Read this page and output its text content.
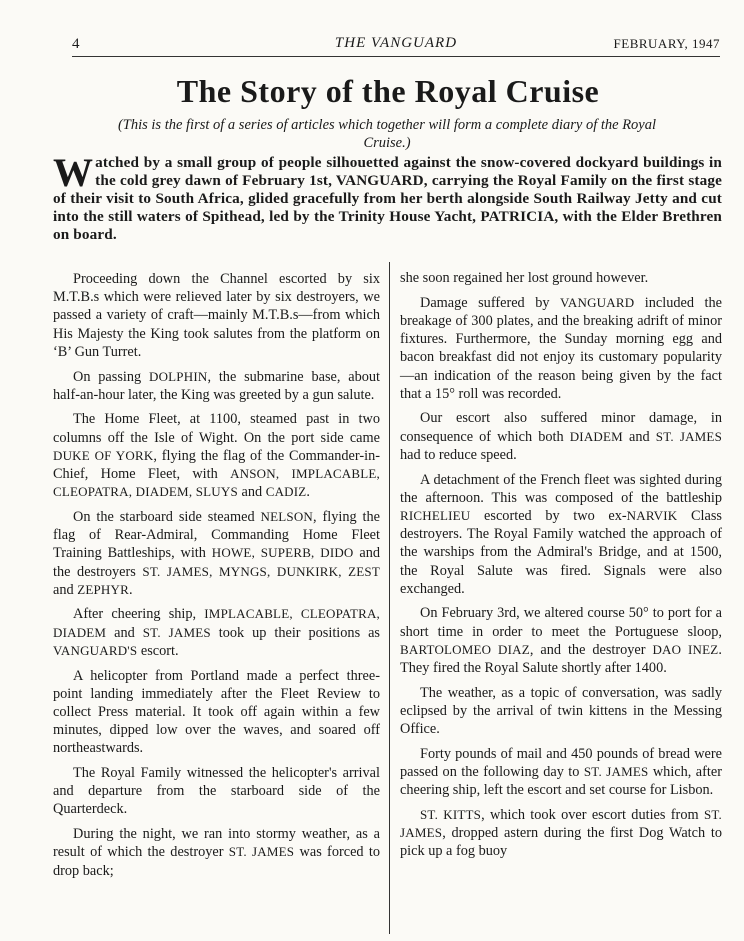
4	THE VANGUARD	FEBRUARY, 1947
The Story of the Royal Cruise
(This is the first of a series of articles which together will form a complete diary of the Royal Cruise.)
Watched by a small group of people silhouetted against the snow-covered dockyard buildings in the cold grey dawn of February 1st, VANGUARD, carrying the Royal Family on the first stage of their visit to South Africa, glided gracefully from her berth alongside South Railway Jetty and cut into the still waters of Spithead, led by the Trinity House Yacht, PATRICIA, with the Elder Brethren on board.

Proceeding down the Channel escorted by six M.T.B.s which were relieved later by six destroyers, we passed a variety of craft—mainly M.T.B.s—from which His Majesty the King took salutes from the platform on ‘B’ Gun Turret.

On passing DOLPHIN, the submarine base, about half-an-hour later, the King was greeted by a gun salute.

The Home Fleet, at 1100, steamed past in two columns off the Isle of Wight. On the port side came DUKE OF YORK, flying the flag of the Commander-in-Chief, Home Fleet, with ANSON, IMPLACABLE, CLEOPATRA, DIADEM, SLUYS and CADIZ.

On the starboard side steamed NELSON, flying the flag of Rear-Admiral, Commanding Home Fleet Training Battleships, with HOWE, SUPERB, DIDO and the destroyers ST. JAMES, MYNGS, DUNKIRK, ZEST and ZEPHYR.

After cheering ship, IMPLACABLE, CLEOPATRA, DIADEM and ST. JAMES took up their positions as VANGUARD'S escort.

A helicopter from Portland made a perfect three-point landing immediately after the Fleet Review to collect Press material. It took off again within a few minutes, dipped low over the waves, and soared off northeastwards.

The Royal Family witnessed the helicopter's arrival and departure from the starboard side of the Quarterdeck.

During the night, we ran into stormy weather, as a result of which the destroyer ST. JAMES was forced to drop back;

she soon regained her lost ground however.

Damage suffered by VANGUARD included the breakage of 300 plates, and the breaking adrift of minor fixtures. Furthermore, the Sunday morning egg and bacon breakfast did not enjoy its customary popularity—an indication of the reason being given by the fact that a 15° roll was recorded.

Our escort also suffered minor damage, in consequence of which both DIADEM and ST. JAMES had to reduce speed.

A detachment of the French fleet was sighted during the afternoon. This was composed of the battleship RICHELIEU escorted by two ex-NARVIK Class destroyers. The Royal Family watched the approach of the warships from the Admiral's Bridge, and at 1500, the Royal Salute was fired. Signals were also exchanged.

On February 3rd, we altered course 50° to port for a short time in order to meet the Portuguese sloop, BARTOLOMEO DIAZ, and the destroyer DAO INEZ. They fired the Royal Salute shortly after 1400.

The weather, as a topic of conversation, was sadly eclipsed by the arrival of twin kittens in the Messing Office.

Forty pounds of mail and 450 pounds of bread were passed on the following day to ST. JAMES which, after cheering ship, left the escort and set course for Lisbon.

ST. KITTS, which took over escort duties from ST. JAMES, dropped astern during the first Dog Watch to pick up a fog buoy
